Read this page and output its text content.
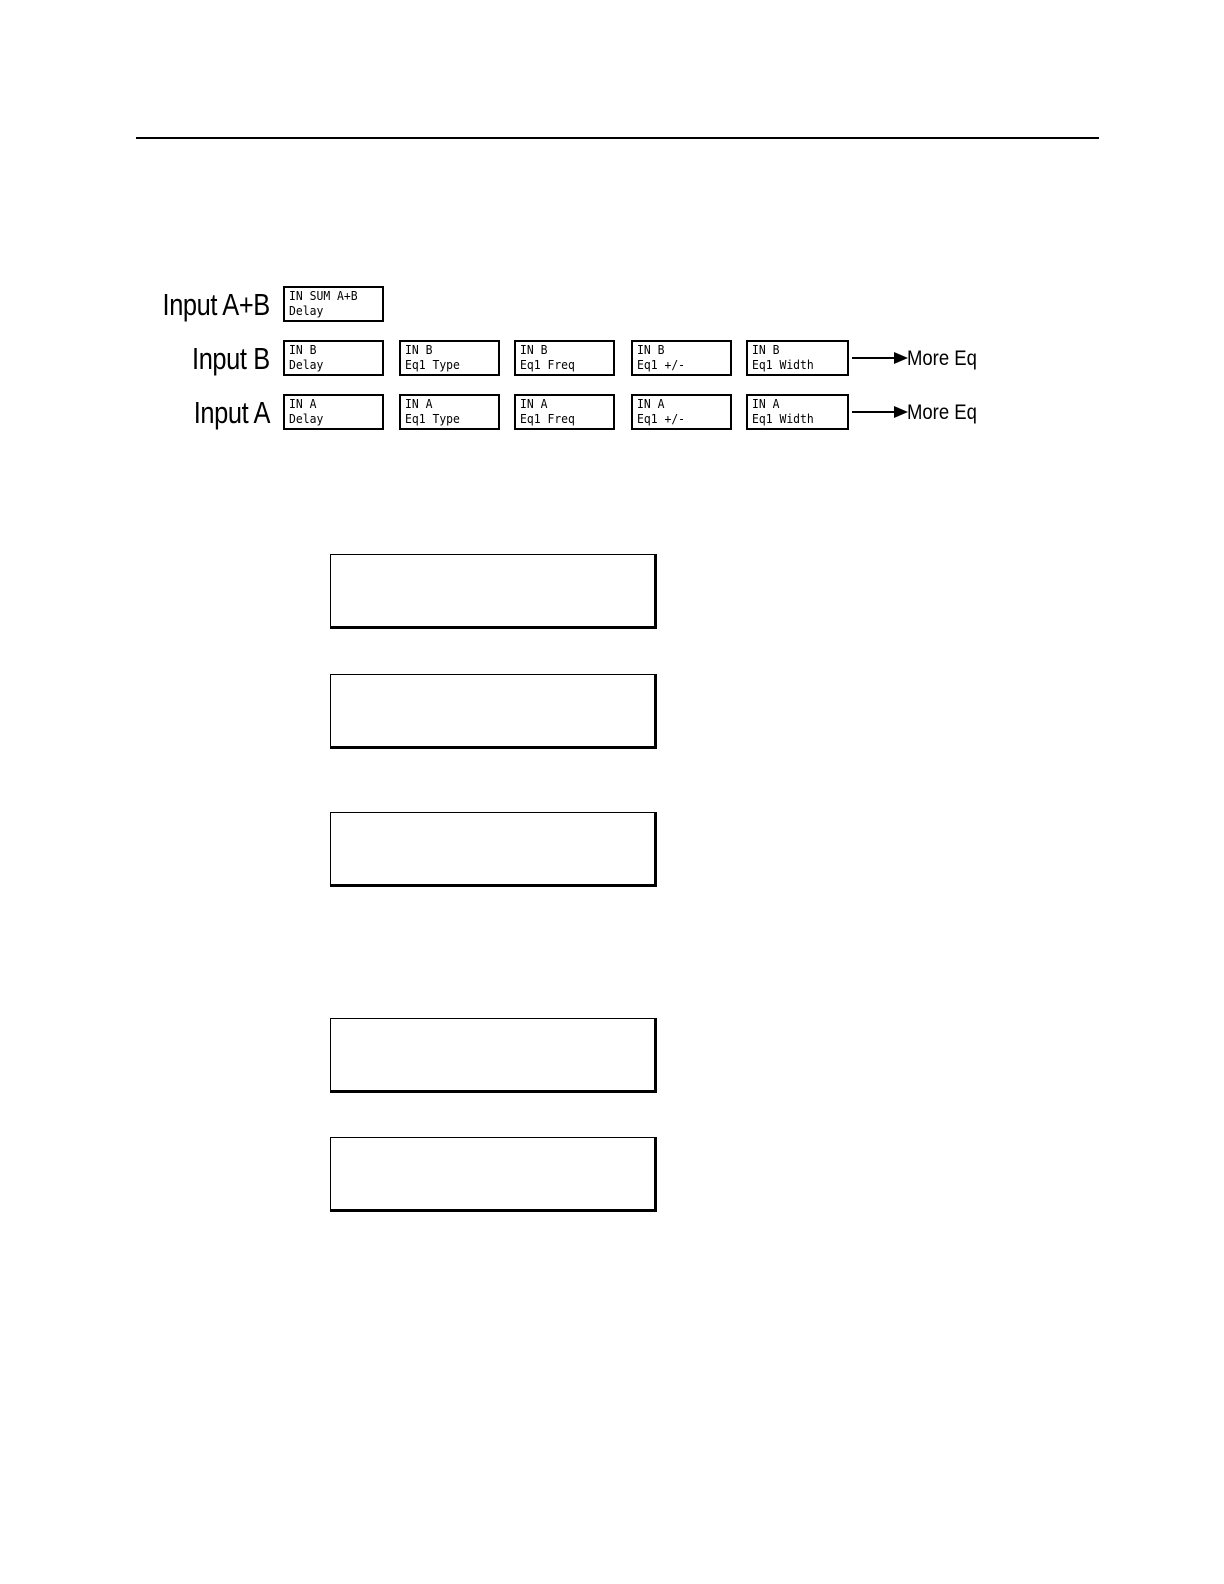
Input A+B IN SUM A+B
Delay
Input B IN B
Delay
IN B
Eq1 Type
IN B
Eq1 Freq
IN B
Eq1 +/-
IN B
Eq1 Width	More Eq
Input A IN A
Delay
IN A
Eq1 Type
IN A
Eq1 Freq
IN A
Eq1 +/-
IN A
Eq1 Width	More Eq
